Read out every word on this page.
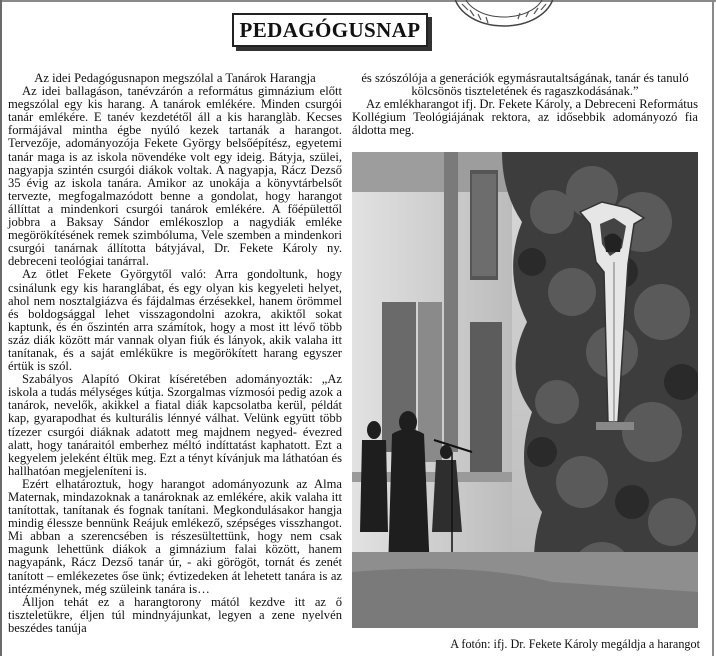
PEDAGÓGUSNAP

Az idei Pedagógusnapon megszólal a Tanárok Harangja

Az idei ballagáson, tanévzárón a református gimnázium előtt megszólal egy kis harang. A tanárok emlékére. Minden csurgói tanár emlékére. E tanév kezdetétől áll a kis haranglàb. Kecses formájával mintha égbe nyúló kezek tartanák a harangot. Tervezője, adományozója Fekete György belsőépítész, egyetemi tanár maga is az iskola növendéke volt egy ideig. Bátyja, szülei, nagyapja szintén csurgói diákok voltak. A nagyapja, Rácz Dezső 35 évig az iskola tanára. Amikor az unokája a könyvtárbelsőt tervezte, megfogalmazódott benne a gondolat, hogy harangot állíttat a mindenkori csurgói tanárok emlékére. A főépülettől jobbra a Baksay Sándor emlékoszlop a nagydiák emléke megörökítésének remek szimbóluma, Vele szemben a mindenkori csurgói tanárnak állította bátyjával, Dr. Fekete Károly ny. debreceni teológiai tanárral.

Az ötlet Fekete Györgytől való: Arra gondoltunk, hogy csinálunk egy kis haranglábat, és egy olyan kis kegyeleti helyet, ahol nem nosztalgiázva és fájdalmas érzésekkel, hanem örömmel és boldogsággal lehet visszagondolni azokra, akiktől sokat kaptunk, és én őszintén arra számítok, hogy a most itt lévő több száz diák között már vannak olyan fiúk és lányok, akik valaha itt tanítanak, és a saját emlékükre is megörökített harang egyszer értük is szól.

Szabályos Alapító Okirat kíséretében adományozták: „Az iskola a tudás mélységes kútja. Szorgalmas vízmosói pedig azok a tanárok, nevelők, akikkel a fiatal diák kapcsolatba kerül, példát kap, gyarapodhat és kulturális lénnyé válhat. Velünk együtt több tízezer csurgói diáknak adatott meg majdnem negyed- évezred alatt, hogy tanáraitól emberhez méltó indíttatást kaphatott. Ezt a kegyelem jeleként éltük meg. Ezt a tényt kívánjuk ma láthatóan és hallhatóan megjeleníteni is.

Ezért elhatároztuk, hogy harangot adományozunk az Alma Maternak, mindazoknak a tanároknak az emlékére, akik valaha itt tanítottak, tanítanak és fognak tanítani. Megkondulásakor hangja mindig élessze bennünk Reájuk emlékező, szépséges visszhangot. Mi abban a szerencsében is részesültettünk, hogy nem csak magunk lehettünk diákok a gimnázium falai között, hanem nagyapánk, Rácz Dezső tanár úr, - aki görögöt, tornát és zenét tanított – emlékezetes őse ünk; évtizedeken át lehetett tanára is az intézménynek, még szüleink tanára is…

Álljon tehát ez a harangtorony mától kezdve itt az ő tiszteletükre, éljen túl mindnyájunkat, legyen a zene nyelvén beszédes tanúja

és szószólója a generációk egymásrautaltságának, tanár és tanuló kölcsönös tiszteletének és ragaszkodásának.”

Az emlékharangot ifj. Dr. Fekete Károly, a Debreceni Református Kollégium Teológiájának rektora, az idősebbik adományozó fia áldotta meg.

A fotón: ifj. Dr. Fekete Károly megáldja a harangot
